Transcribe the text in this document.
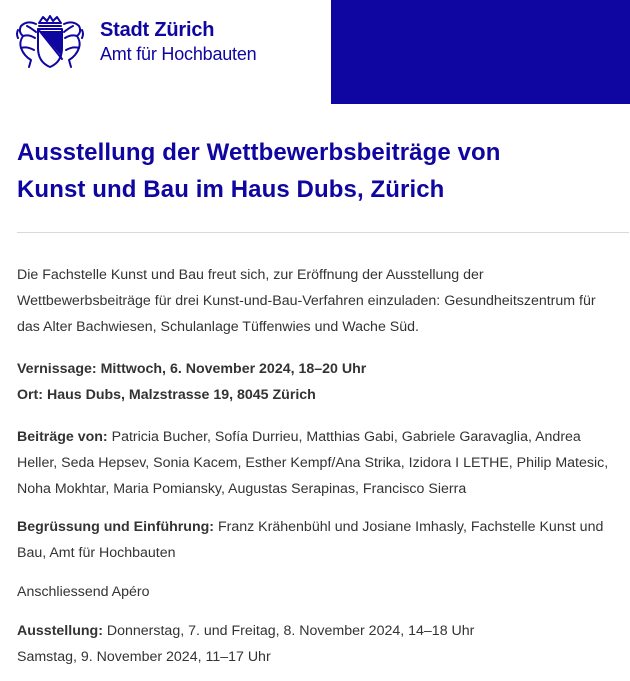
Stadt Zürich
Amt für Hochbauten
Ausstellung der Wettbewerbsbeiträge von
Kunst und Bau im Haus Dubs, Zürich

Die Fachstelle Kunst und Bau freut sich, zur Eröffnung der Ausstellung der Wettbewerbsbeiträge für drei Kunst-und-Bau-Verfahren einzuladen: Gesundheitszentrum für das Alter Bachwiesen, Schulanlage Tüffenwies und Wache Süd.

Vernissage: Mittwoch, 6. November 2024, 18–20 Uhr
Ort: Haus Dubs, Malzstrasse 19, 8045 Zürich

Beiträge von: Patricia Bucher, Sofía Durrieu, Matthias Gabi, Gabriele Garavaglia, Andrea Heller, Seda Hepsev, Sonia Kacem, Esther Kempf/Ana Strika, Izidora I LETHE, Philip Matesic, Noha Mokhtar, Maria Pomiansky, Augustas Serapinas, Francisco Sierra

Begrüssung und Einführung: Franz Krähenbühl und Josiane Imhasly, Fachstelle Kunst und Bau, Amt für Hochbauten

Anschliessend Apéro

Ausstellung: Donnerstag, 7. und Freitag, 8. November 2024, 14–18 Uhr
Samstag, 9. November 2024, 11–17 Uhr
